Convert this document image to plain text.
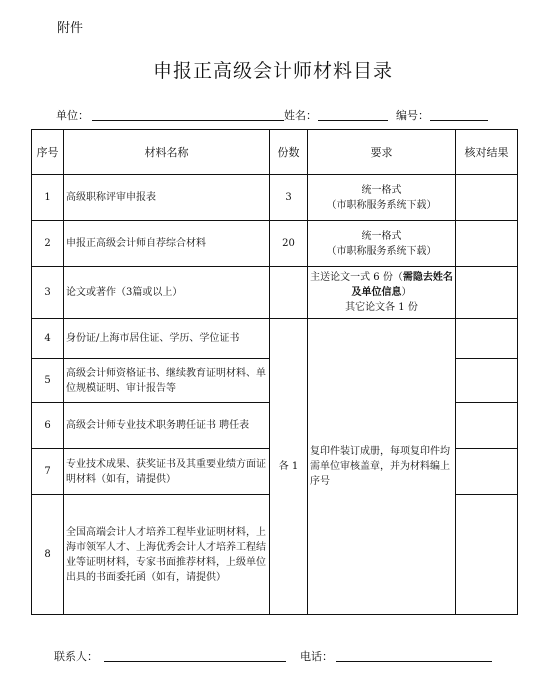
附件
申报正高级会计师材料目录
单位：	姓名：	编号：
序号	材料名称	份数	要求	核对结果
1	高级职称评审申报表	3	统一格式
（市职称服务系统下载）	

2	申报正高级会计师自荐综合材料	20	统一格式
（市职称服务系统下载）	

3	论文或著作（3篇或以上）		主送论文一式 6 份（需隐去姓名及单位信息）
其它论文各 1 份	

4	身份证/上海市居住证、学历、学位证书	各 1	复印件装订成册，每项复印件均需单位审核盖章，并为材料编上序号	
5	高级会计师资格证书、继续教育证明材料、单位规模证明、审计报告等			
6	高级会计师专业技术职务聘任证书 聘任表			
7	专业技术成果、获奖证书及其重要业绩方面证明材料（如有，请提供）			
8	全国高端会计人才培养工程毕业证明材料，上海市领军人才、上海优秀会计人才培养工程结业等证明材料，专家书面推荐材料，上级单位出具的书面委托函（如有，请提供）			
联系人：	电话：
